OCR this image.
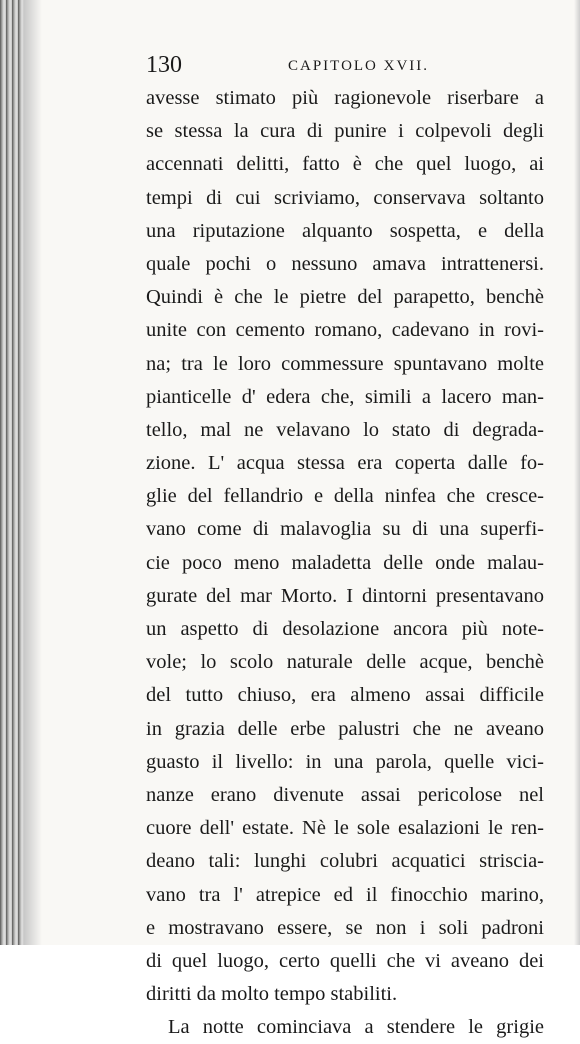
130	CAPITOLO XVII.
avesse stimato più ragionevole riserbare a
se stessa la cura di punire i colpevoli degli
accennati delitti, fatto è che quel luogo, ai
tempi di cui scriviamo, conservava soltanto
una riputazione alquanto sospetta, e della
quale pochi o nessuno amava intrattenersi.
Quindi è che le pietre del parapetto, benchè
unite con cemento romano, cadevano in rovi-
na; tra le loro commessure spuntavano molte
pianticelle d' edera che, simili a lacero man-
tello, mal ne velavano lo stato di degrada-
zione. L' acqua stessa era coperta dalle fo-
glie del fellandrio e della ninfea che cresce-
vano come di malavoglia su di una superfi-
cie poco meno maladetta delle onde malau-
gurate del mar Morto. I dintorni presentavano
un aspetto di desolazione ancora più note-
vole; lo scolo naturale delle acque, benchè
del tutto chiuso, era almeno assai difficile
in grazia delle erbe palustri che ne aveano
guasto il livello: in una parola, quelle vici-
nanze erano divenute assai pericolose nel
cuore dell' estate. Nè le sole esalazioni le ren-
deano tali: lunghi colubri acquatici striscia-
vano tra l' atrepice ed il finocchio marino,
e mostravano essere, se non i soli padroni
di quel luogo, certo quelli che vi aveano dei
diritti da molto tempo stabiliti.
La notte cominciava a stendere le grigie
